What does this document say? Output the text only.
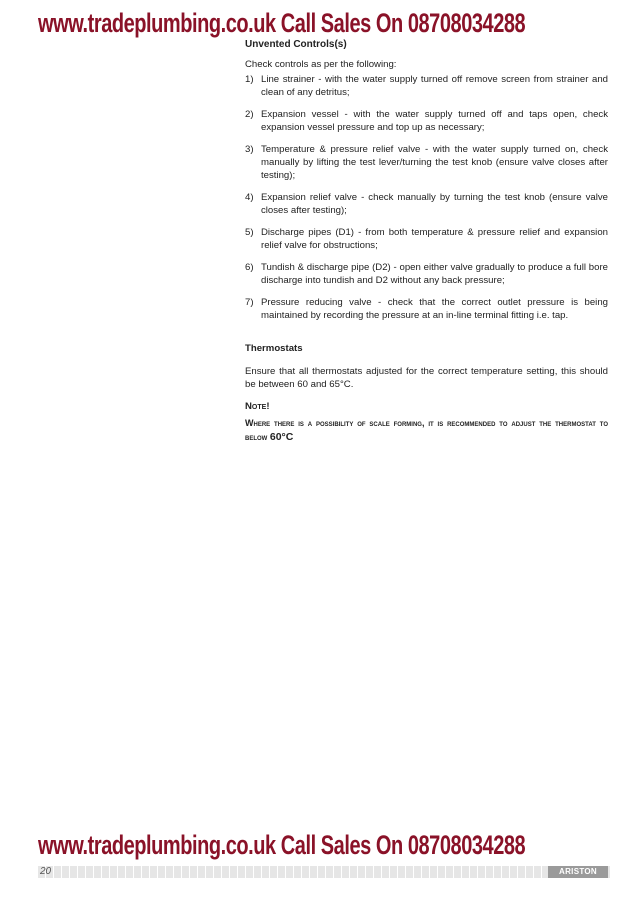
www.tradeplumbing.co.uk Call Sales On 08708034288
Unvented Controls(s)

Check controls as per the following:

1) Line strainer - with the water supply turned off remove screen from strainer and clean of any detritus;
2) Expansion vessel - with the water supply turned off and taps open, check expansion vessel pressure and top up as necessary;
3) Temperature & pressure relief valve - with the water supply turned on, check manually by lifting the test lever/turning the test knob (ensure valve closes after testing);
4) Expansion relief valve - check manually by turning the test knob (ensure valve closes after testing);
5) Discharge pipes (D1) - from both temperature & pressure relief and expansion relief valve for obstructions;
6) Tundish & discharge pipe (D2) - open either valve gradually to produce a full bore discharge into tundish and D2 without any back pressure;
7) Pressure reducing valve - check that the correct outlet pressure is being maintained by recording the pressure at an in-line terminal fitting i.e. tap.
Thermostats

Ensure that all thermostats adjusted for the correct temperature setting, this should be between 60 and 65°C.

Note!

Where there is a possibility of scale forming, it is recommended to adjust the thermostat to below 60°C

www.tradeplumbing.co.uk Call Sales On 08708034288
20	ARISTON
